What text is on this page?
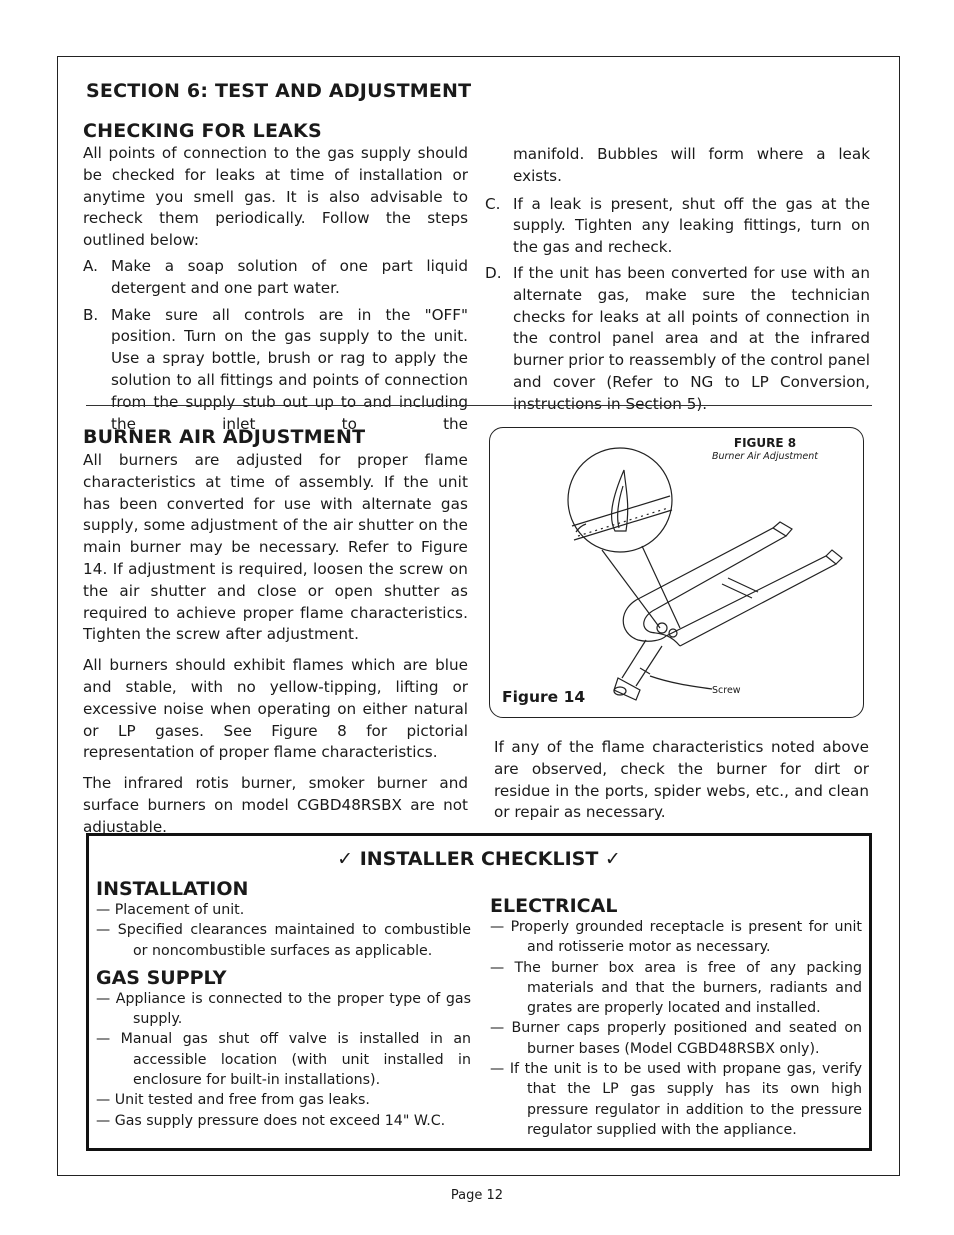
SECTION 6: TEST AND ADJUSTMENT
CHECKING FOR LEAKS

All points of connection to the gas supply should be checked for leaks at time of installation or anytime you smell gas. It is also advisable to recheck them periodically. Follow the steps outlined below:

A. Make a soap solution of one part liquid detergent and one part water.
B. Make sure all controls are in the "OFF" position. Turn on the gas supply to the unit. Use a spray bottle, brush or rag to apply the solution to all fittings and points of connection from the supply stub out up to and including the inlet to the
manifold. Bubbles will form where a leak exists.
C. If a leak is present, shut off the gas at the supply. Tighten any leaking fittings, turn on the gas and recheck.
D. If the unit has been converted for use with an alternate gas, make sure the technician checks for leaks at all points of connection in the control panel area and at the infrared burner prior to reassembly of the control panel and cover (Refer to NG to LP Conversion, instructions in Section 5).
BURNER AIR ADJUSTMENT

All burners are adjusted for proper flame characteristics at time of assembly. If the unit has been converted for use with alternate gas supply, some adjustment of the air shutter on the main burner may be necessary. Refer to Figure 14. If adjustment is required, loosen the screw on the air shutter and close or open shutter as required to achieve proper flame characteristics. Tighten the screw after adjustment.

All burners should exhibit flames which are blue and stable, with no yellow-tipping, lifting or excessive noise when operating on either natural or LP gases. See Figure 8 for pictorial representation of proper flame characteristics.

The infrared rotis burner, smoker burner and surface burners on model CGBD48RSBX are not adjustable.

FIGURE 8
Burner Air Adjustment
Figure 14	Screw

If any of the flame characteristics noted above are observed, check the burner for dirt or residue in the ports, spider webs, etc., and clean or repair as necessary.

✓ INSTALLER CHECKLIST ✓
INSTALLATION

— Placement of unit.

— Specified clearances maintained to combustible or noncombustible surfaces as applicable.

GAS SUPPLY

— Appliance is connected to the proper type of gas supply.

— Manual gas shut off valve is installed in an accessible location (with unit installed in enclosure for built-in installations).

— Unit tested and free from gas leaks.

— Gas supply pressure does not exceed 14" W.C.

ELECTRICAL

— Properly grounded receptacle is present for unit and rotisserie motor as necessary.

— The burner box area is free of any packing materials and that the burners, radiants and grates are properly located and installed.

— Burner caps properly positioned and seated on burner bases (Model CGBD48RSBX only).

— If the unit is to be used with propane gas, verify that the LP gas supply has its own high pressure regulator in addition to the pressure regulator supplied with the appliance.

Page 12
